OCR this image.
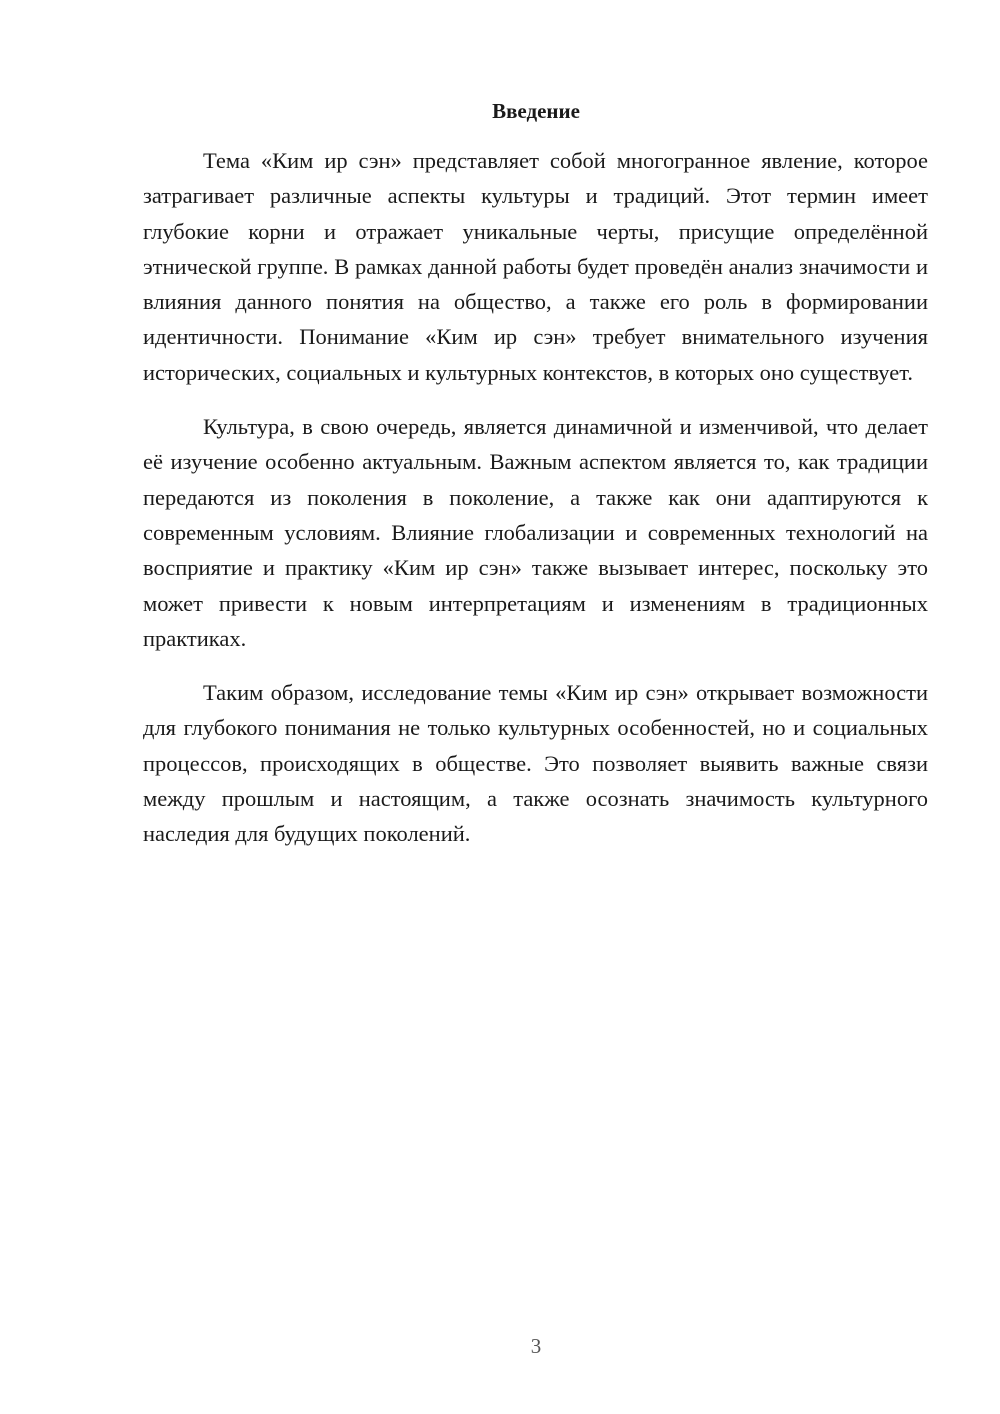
Введение

Тема «Ким ир сэн» представляет собой многогранное явление, которое затрагивает различные аспекты культуры и традиций. Этот термин имеет глубокие корни и отражает уникальные черты, присущие определённой этнической группе. В рамках данной работы будет проведён анализ значимости и влияния данного понятия на общество, а также его роль в формировании идентичности. Понимание «Ким ир сэн» требует внимательного изучения исторических, социальных и культурных контекстов, в которых оно существует.

Культура, в свою очередь, является динамичной и изменчивой, что делает её изучение особенно актуальным. Важным аспектом является то, как традиции передаются из поколения в поколение, а также как они адаптируются к современным условиям. Влияние глобализации и современных технологий на восприятие и практику «Ким ир сэн» также вызывает интерес, поскольку это может привести к новым интерпретациям и изменениям в традиционных практиках.

Таким образом, исследование темы «Ким ир сэн» открывает возможности для глубокого понимания не только культурных особенностей, но и социальных процессов, происходящих в обществе. Это позволяет выявить важные связи между прошлым и настоящим, а также осознать значимость культурного наследия для будущих поколений.

3
